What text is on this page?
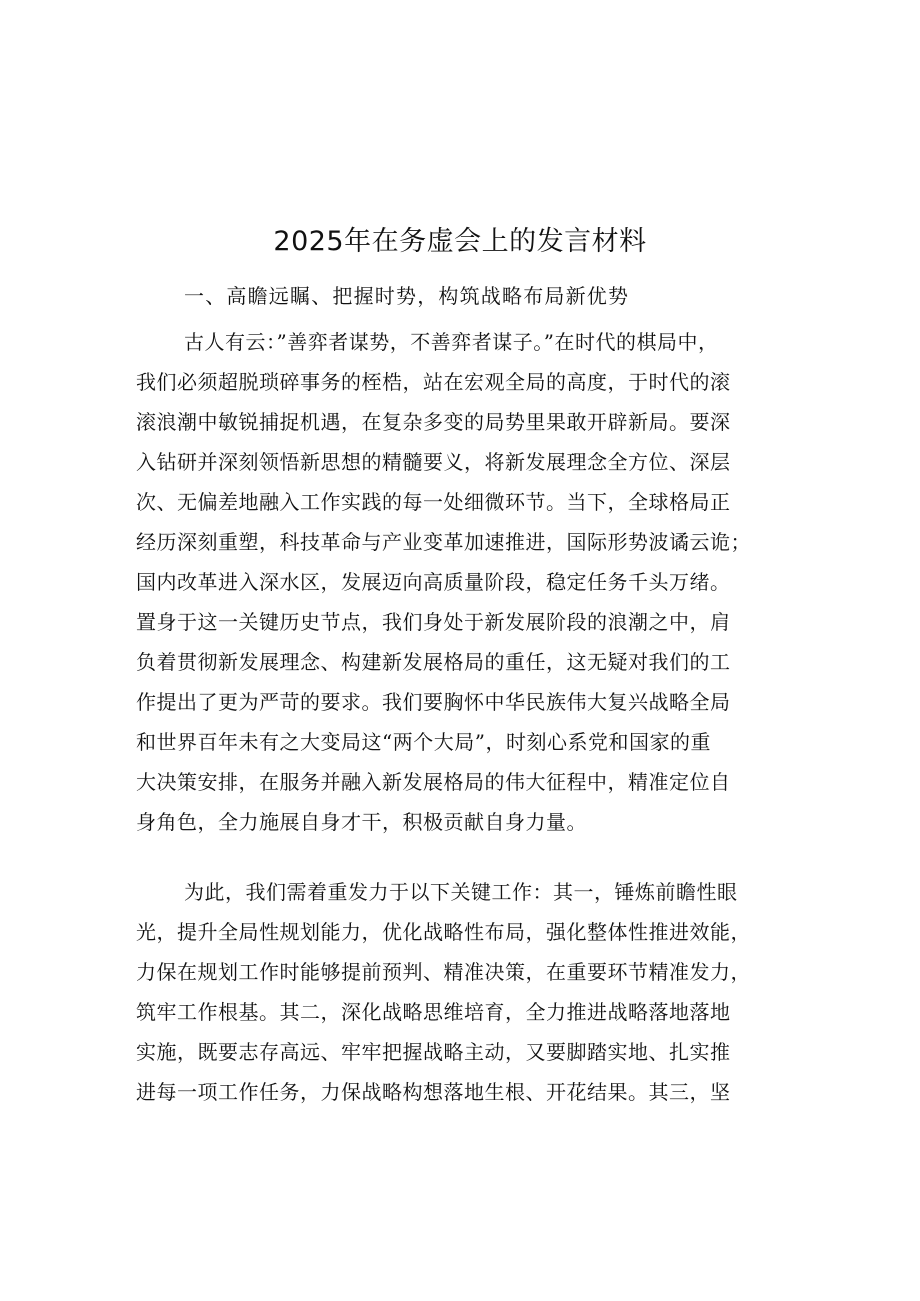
2025年在务虚会上的发言材料
一、高瞻远瞩、把握时势，构筑战略布局新优势
古人有云：”善弈者谋势，不善弈者谋子。”在时代的棋局中，
我们必须超脱琐碎事务的桎梏，站在宏观全局的高度，于时代的滚
滚浪潮中敏锐捕捉机遇，在复杂多变的局势里果敢开辟新局。要深
入钻研并深刻领悟新思想的精髓要义，将新发展理念全方位、深层
次、无偏差地融入工作实践的每一处细微环节。当下，全球格局正
经历深刻重塑，科技革命与产业变革加速推进，国际形势波谲云诡；
国内改革进入深水区，发展迈向高质量阶段，稳定任务千头万绪。
置身于这一关键历史节点，我们身处于新发展阶段的浪潮之中，肩
负着贯彻新发展理念、构建新发展格局的重任，这无疑对我们的工
作提出了更为严苛的要求。我们要胸怀中华民族伟大复兴战略全局
和世界百年未有之大变局这“两个大局”，时刻心系党和国家的重
大决策安排，在服务并融入新发展格局的伟大征程中，精准定位自
身角色，全力施展自身才干，积极贡献自身力量。
为此，我们需着重发力于以下关键工作：其一，锤炼前瞻性眼
光，提升全局性规划能力，优化战略性布局，强化整体性推进效能，
力保在规划工作时能够提前预判、精准决策，在重要环节精准发力，
筑牢工作根基。其二，深化战略思维培育，全力推进战略落地落地
实施，既要志存高远、牢牢把握战略主动，又要脚踏实地、扎实推
进每一项工作任务，力保战略构想落地生根、开花结果。其三，坚
